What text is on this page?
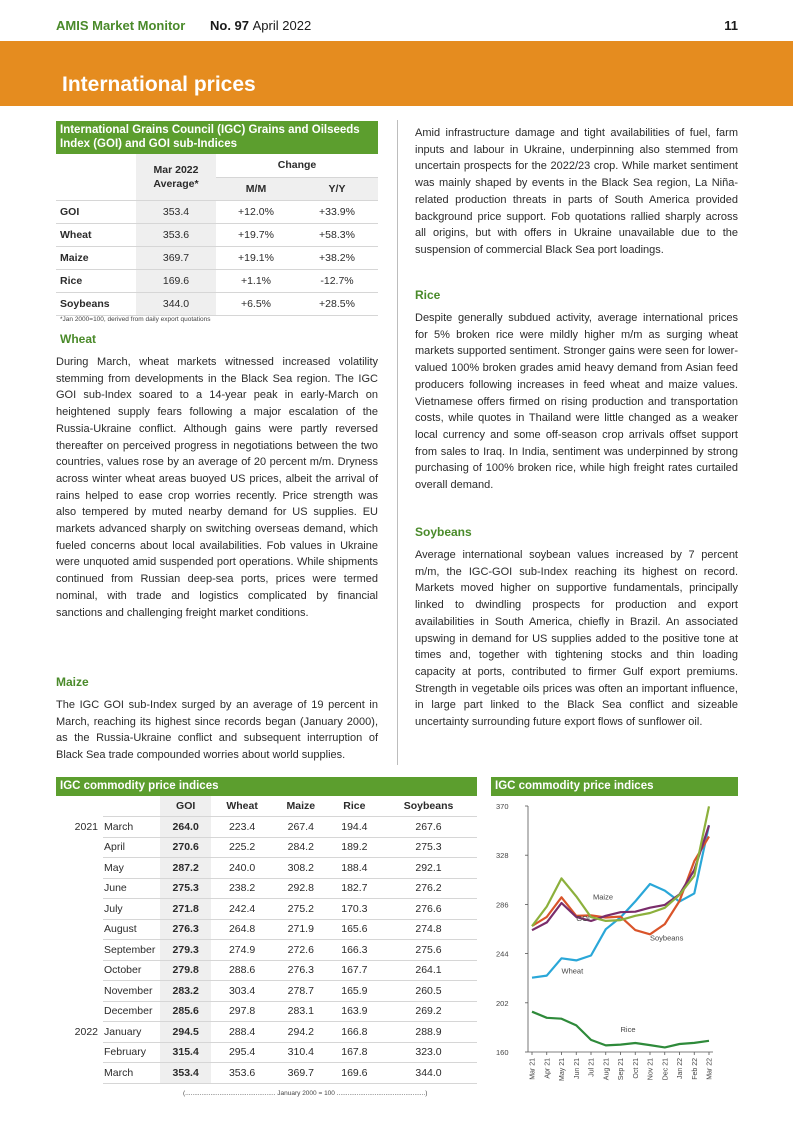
AMIS Market Monitor No. 97 April 2022	11
International prices
International Grains Council (IGC) Grains and Oilseeds Index (GOI) and GOI sub-Indices
	Mar 2022 Average*	Change	
		M/M	Y/Y
GOI	353.4	+12.0%	+33.9%
Wheat	353.6	+19.7%	+58.3%
Maize	369.7	+19.1%	+38.2%
Rice	169.6	+1.1%	-12.7%
Soybeans	344.0	+6.5%	+28.5%
*Jan 2000=100, derived from daily export quotations
Wheat
During March, wheat markets witnessed increased volatility stemming from developments in the Black Sea region. The IGC GOI sub-Index soared to a 14-year peak in early-March on heightened supply fears following a major escalation of the Russia-Ukraine conflict. Although gains were partly reversed thereafter on perceived progress in negotiations between the two countries, values rose by an average of 20 percent m/m. Dryness across winter wheat areas buoyed US prices, albeit the arrival of rains helped to ease crop worries recently. Price strength was also tempered by muted nearby demand for US supplies. EU markets advanced sharply on switching overseas demand, which fueled concerns about local availabilities. Fob values in Ukraine were unquoted amid suspended port operations. While shipments continued from Russian deep-sea ports, prices were termed nominal, with trade and logistics complicated by financial sanctions and challenging freight market conditions.
Maize
The IGC GOI sub-Index surged by an average of 19 percent in March, reaching its highest since records began (January 2000), as the Russia-Ukraine conflict and subsequent interruption of Black Sea trade compounded worries about world supplies.
Amid infrastructure damage and tight availabilities of fuel, farm inputs and labour in Ukraine, underpinning also stemmed from uncertain prospects for the 2022/23 crop. While market sentiment was mainly shaped by events in the Black Sea region, La Niña-related production threats in parts of South America provided background price support. Fob quotations rallied sharply across all origins, but with offers in Ukraine unavailable due to the suspension of commercial Black Sea port loadings.
Rice
Despite generally subdued activity, average international prices for 5% broken rice were mildly higher m/m as surging wheat markets supported sentiment. Stronger gains were seen for lower-valued 100% broken grades amid heavy demand from Asian feed producers following increases in feed wheat and maize values. Vietnamese offers firmed on rising production and transportation costs, while quotes in Thailand were little changed as a weaker local currency and some off-season crop arrivals offset support from sales to Iraq. In India, sentiment was underpinned by strong purchasing of 100% broken rice, while high freight rates curtailed overall demand.
Soybeans
Average international soybean values increased by 7 percent m/m, the IGC-GOI sub-Index reaching its highest on record. Markets moved higher on supportive fundamentals, principally linked to dwindling prospects for production and export availabilities in South America, chiefly in Brazil. An associated upswing in demand for US supplies added to the positive tone at times and, together with tightening stocks and thin loading capacity at ports, contributed to firmer Gulf export premiums. Strength in vegetable oils prices was often an important influence, in large part linked to the Black Sea conflict and sizeable uncertainty surrounding future export flows of sunflower oil.
IGC commodity price indices
		GOI	Wheat	Maize	Rice	Soybeans
2021	March	264.0	223.4	267.4	194.4	267.6
	April	270.6	225.2	284.2	189.2	275.3
	May	287.2	240.0	308.2	188.4	292.1
	June	275.3	238.2	292.8	182.7	276.2
	July	271.8	242.4	275.2	170.3	276.6
	August	276.3	264.8	271.9	165.6	274.8
	September	279.3	274.9	272.6	166.3	275.6
	October	279.8	288.6	276.3	167.7	264.1
	November	283.2	303.4	278.7	165.9	260.5
	December	285.6	297.8	283.1	163.9	269.2
2022	January	294.5	288.4	294.2	166.8	288.9
	February	315.4	295.4	310.4	167.8	323.0
	March	353.4	353.6	369.7	169.6	344.0
(.................................................. January 2000 = 100 .................................................)
IGC commodity price indices
160
202
244
286
328
370
Mar 21 Apr 21 May 21 Jun 21 Jul 21 Aug 21 Sep 21 Oct 21 Nov 21 Dec 21 Jan 22 Feb 22 Mar 22
GOI
Wheat
Maize
Rice
Soybeans
